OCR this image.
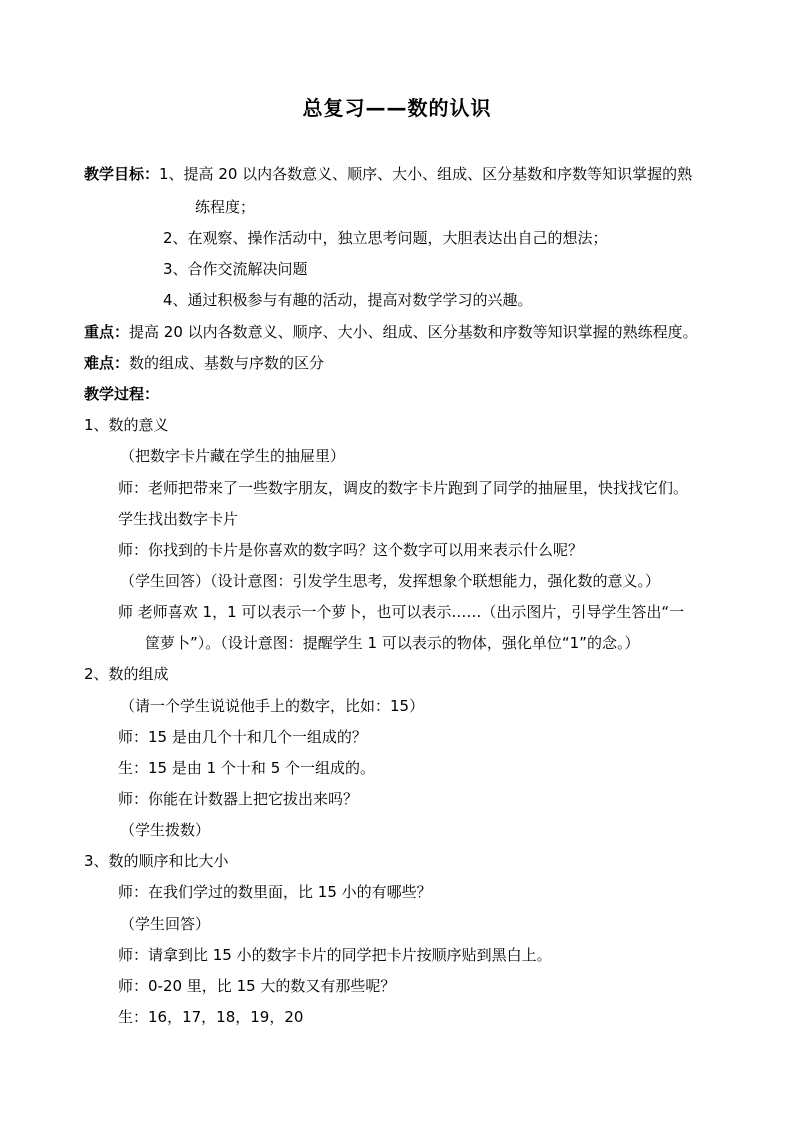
总复习——数的认识
教学目标：1、提高 20 以内各数意义、顺序、大小、组成、区分基数和序数等知识掌握的熟
练程度；
2、在观察、操作活动中，独立思考问题，大胆表达出自己的想法；
3、合作交流解决问题
4、通过积极参与有趣的活动，提高对数学学习的兴趣。
重点：提高 20 以内各数意义、顺序、大小、组成、区分基数和序数等知识掌握的熟练程度。
难点：数的组成、基数与序数的区分
教学过程：
1、数的意义
（把数字卡片藏在学生的抽屉里）
师：老师把带来了一些数字朋友，调皮的数字卡片跑到了同学的抽屉里，快找找它们。
学生找出数字卡片
师：你找到的卡片是你喜欢的数字吗？这个数字可以用来表示什么呢？
（学生回答）（设计意图：引发学生思考，发挥想象个联想能力，强化数的意义。）
师 老师喜欢 1，1 可以表示一个萝卜，也可以表示……（出示图片，引导学生答出“一
筐萝卜”）。（设计意图：提醒学生 1 可以表示的物体，强化单位“1”的念。）
2、数的组成
（请一个学生说说他手上的数字，比如：15）
师：15 是由几个十和几个一组成的？
生：15 是由 1 个十和 5 个一组成的。
师：你能在计数器上把它拔出来吗？
（学生拨数）
3、数的顺序和比大小
师：在我们学过的数里面，比 15 小的有哪些？
（学生回答）
师：请拿到比 15 小的数字卡片的同学把卡片按顺序贴到黑白上。
师：0-20 里，比 15 大的数又有那些呢？
生：16，17，18，19，20
